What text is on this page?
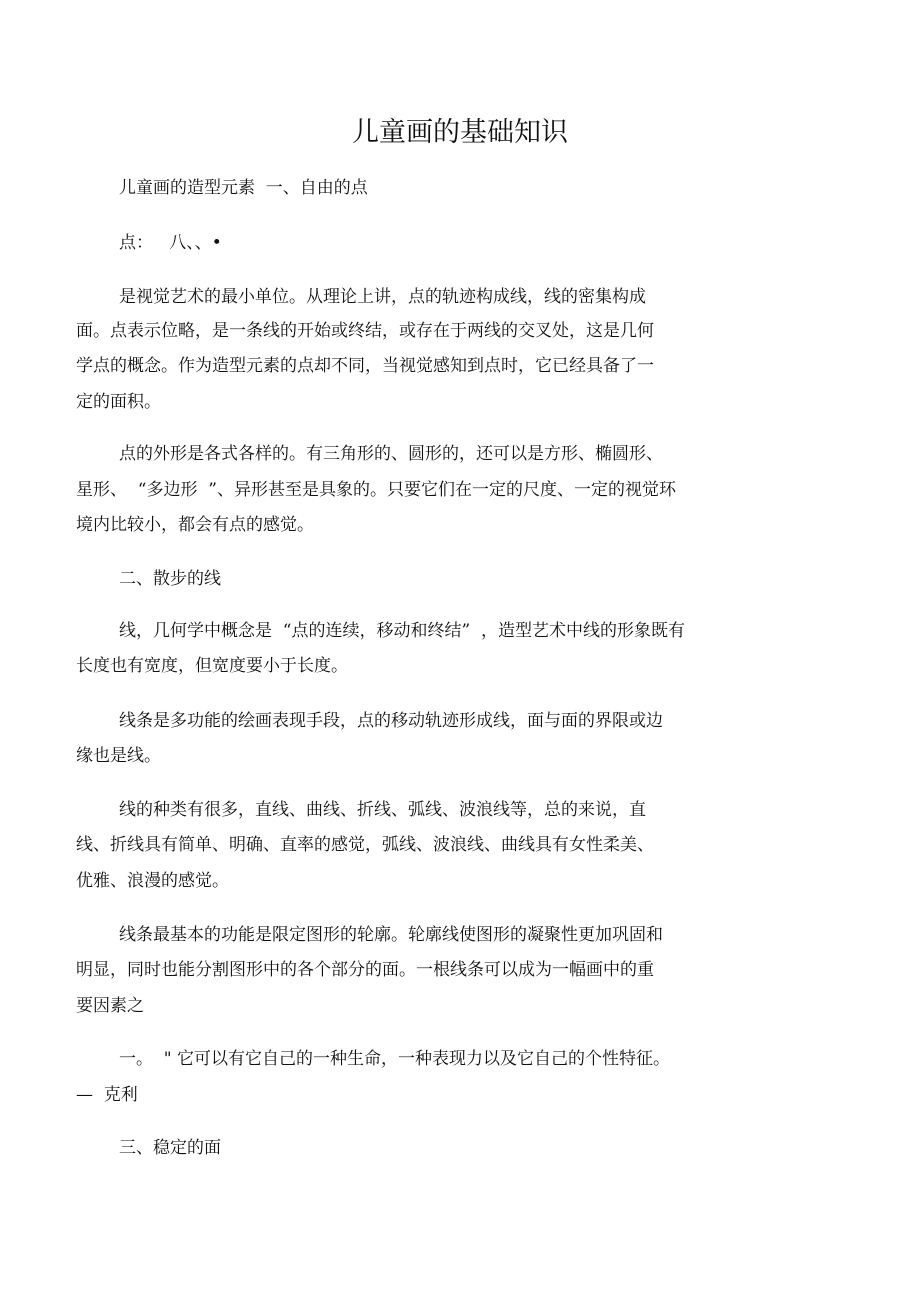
儿童画的基础知识
儿童画的造型元素  一、自由的点
点：   八、、•
是视觉艺术的最小单位。从理论上讲，点的轨迹构成线，线的密集构成
面。点表示位略，是一条线的开始或终结，或存在于两线的交叉处，这是几何
学点的概念。作为造型元素的点却不同，当视觉感知到点时，它已经具备了一
定的面积。
点的外形是各式各样的。有三角形的、圆形的，还可以是方形、椭圆形、
星形、  “多边形  ”、异形甚至是具象的。只要它们在一定的尺度、一定的视觉环
境内比较小，都会有点的感觉。
二、散步的线
线，几何学中概念是  “点的连续，移动和终结”  ，造型艺术中线的形象既有
长度也有宽度，但宽度要小于长度。
线条是多功能的绘画表现手段，点的移动轨迹形成线，面与面的界限或边
缘也是线。
线的种类有很多，直线、曲线、折线、弧线、波浪线等，总的来说，直
线、折线具有简单、明确、直率的感觉，弧线、波浪线、曲线具有女性柔美、
优雅、浪漫的感觉。
线条最基本的功能是限定图形的轮廓。轮廓线使图形的凝聚性更加巩固和
明显，同时也能分割图形中的各个部分的面。一根线条可以成为一幅画中的重
要因素之
一。  " 它可以有它自己的一种生命，一种表现力以及它自己的个性特征。
—  克利
三、稳定的面
